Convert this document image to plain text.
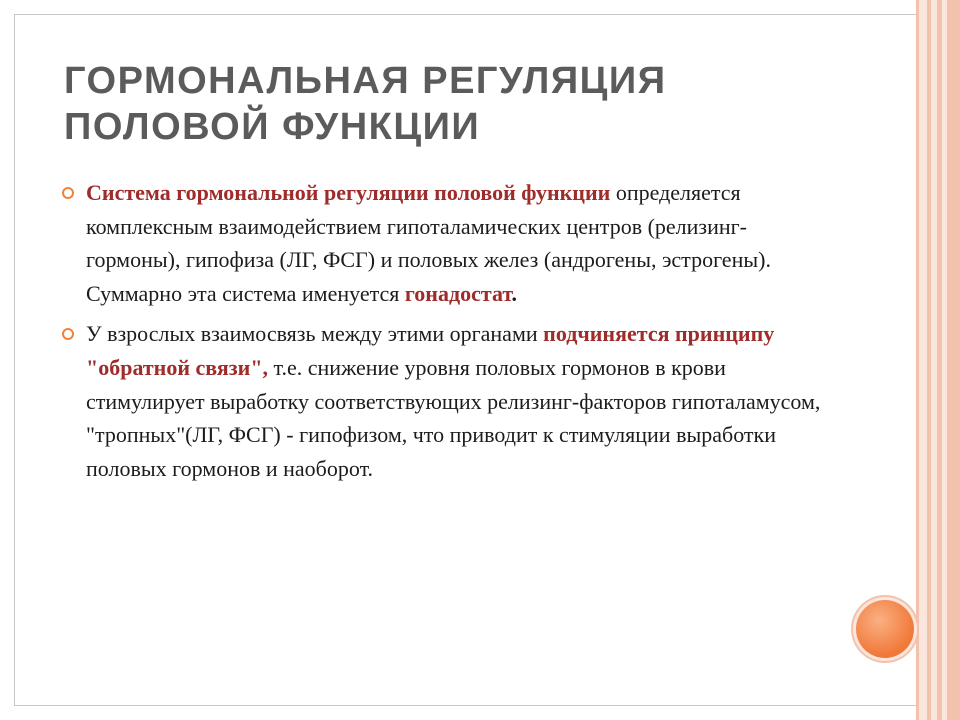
ГОРМОНАЛЬНАЯ РЕГУЛЯЦИЯ
ПОЛОВОЙ ФУНКЦИИ

Система гормональной регуляции половой функции определяется комплексным взаимодействием гипоталамических центров (релизинг-гормоны), гипофиза (ЛГ, ФСГ) и половых желез (андрогены, эстрогены). Суммарно эта система именуется гонадостат.

У взрослых взаимосвязь между этими органами подчиняется принципу "обратной связи", т.е. снижение уровня половых гормонов в крови стимулирует выработку соответствующих релизинг-факторов гипоталамусом, "тропных"(ЛГ, ФСГ) - гипофизом, что приводит к стимуляции выработки половых гормонов и наоборот.
